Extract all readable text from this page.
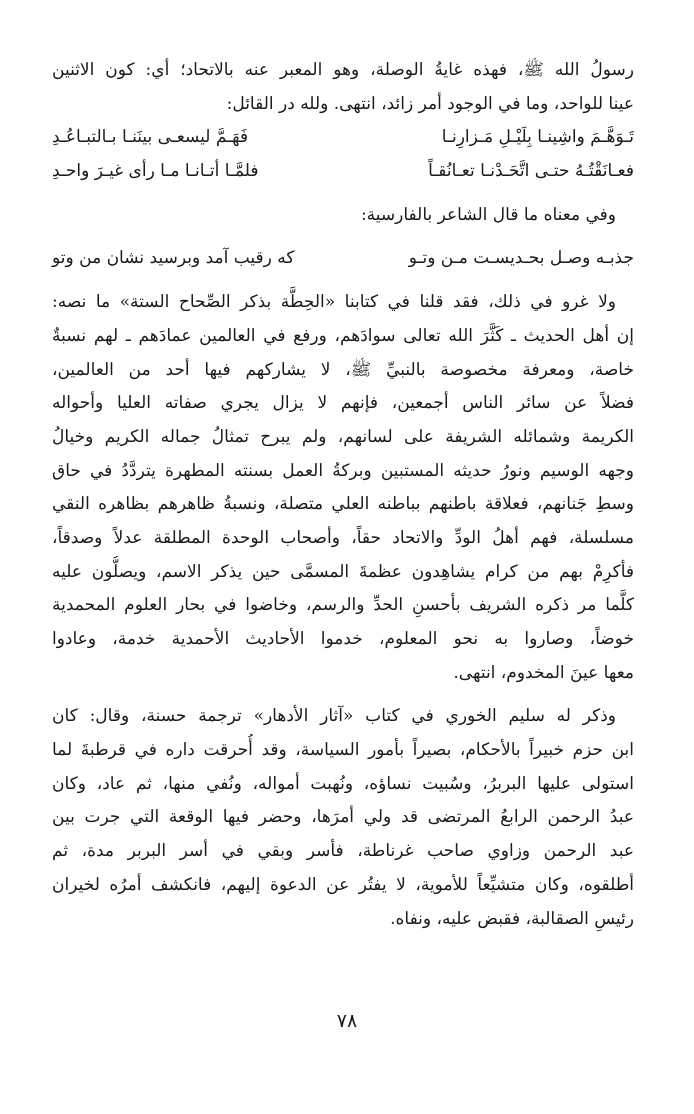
رسولُ الله ﷺ، فهذه غايةُ الوصلة، وهو المعبر عنه بالاتحاد؛ أي: كون الاثنين
عينا للواحد، وما في الوجود أمر زائد، انتهى. ولله در القائل:
تَـوَهَّـمَ واشِينـا بِلَيْـلِ مَـزارِنـا
فَهَـمَّ ليسعـى بينَنـا بـالتبـاعُـدِ
فعـانَقْتُـهُ حتـى اتَّحَـدْنـا تعـانُقـاً
فلمَّـا أتـانـا مـا رأى غيـرَ واحـدِ
وفي معناه ما قال الشاعر بالفارسية:
جذبـه وصـل بحـديسـت مـن وتـو
كه رقيب آمد وبرسيد نشان من وتو
ولا غرو في ذلك، فقد قلنا في كتابنا «الحِطَّة بذكر الصِّحاح الستة» ما نصه:
إن أهل الحديث ـ كَثَّرَ الله تعالى سوادَهم، ورفع في العالمين عمادَهم ـ لهم نسبةٌ
خاصة، ومعرفة مخصوصة بالنبيِّ ﷺ، لا يشاركهم فيها أحد من العالمين،
فضلاً عن سائر الناس أجمعين، فإنهم لا يزال يجري صفاته العليا وأحواله
الكريمة وشمائله الشريفة على لسانهم، ولم يبرح تمثالُ جماله الكريم وخيالُ
وجهه الوسيم ونورُ حديثه المستبين وبركةُ العمل بسنته المطهرة يتردَّدُ في حاق
وسطِ جَنانهم، فعلاقة باطنهم بباطنه العلي متصلة، ونسبةُ ظاهرهم بظاهره النقي
مسلسلة، فهم أهلُ الودِّ والاتحاد حقاً، وأصحاب الوحدة المطلقة عدلاً وصدقاً،
فأكرِمْ بهم من كرام يشاهِدون عظمةَ المسمَّى حين يذكر الاسم، ويصلُّون عليه
كلَّما مر ذكره الشريف بأحسنِ الحدِّ والرسم، وخاضوا في بحار العلوم المحمدية
خوضاً، وصاروا به نحو المعلوم، خدموا الأحاديث الأحمدية خدمة، وعادوا
معها عينَ المخدوم، انتهى.
وذكر له سليم الخوري في كتاب «آثار الأدهار» ترجمة حسنة، وقال: كان
ابن حزم خبيراً بالأحكام، بصيراً بأمور السياسة، وقد أُحرقت داره في قرطبةَ لما
استولى عليها البربرُ، وسُبيت نساؤه، ونُهبت أمواله، ونُفي منها، ثم عاد، وكان
عبدُ الرحمن الرابعُ المرتضى قد ولي أمرَها، وحضر فيها الوقعة التي جرت بين
عبد الرحمن وزاوي صاحب غرناطة، فأسر وبقي في أسر البربر مدة، ثم
أطلقوه، وكان متشيِّعاً للأموية، لا يفتُر عن الدعوة إليهم، فانكشف أمرُه لخيران
رئيسِ الصقالبة، فقبض عليه، ونفاه.
٧٨
